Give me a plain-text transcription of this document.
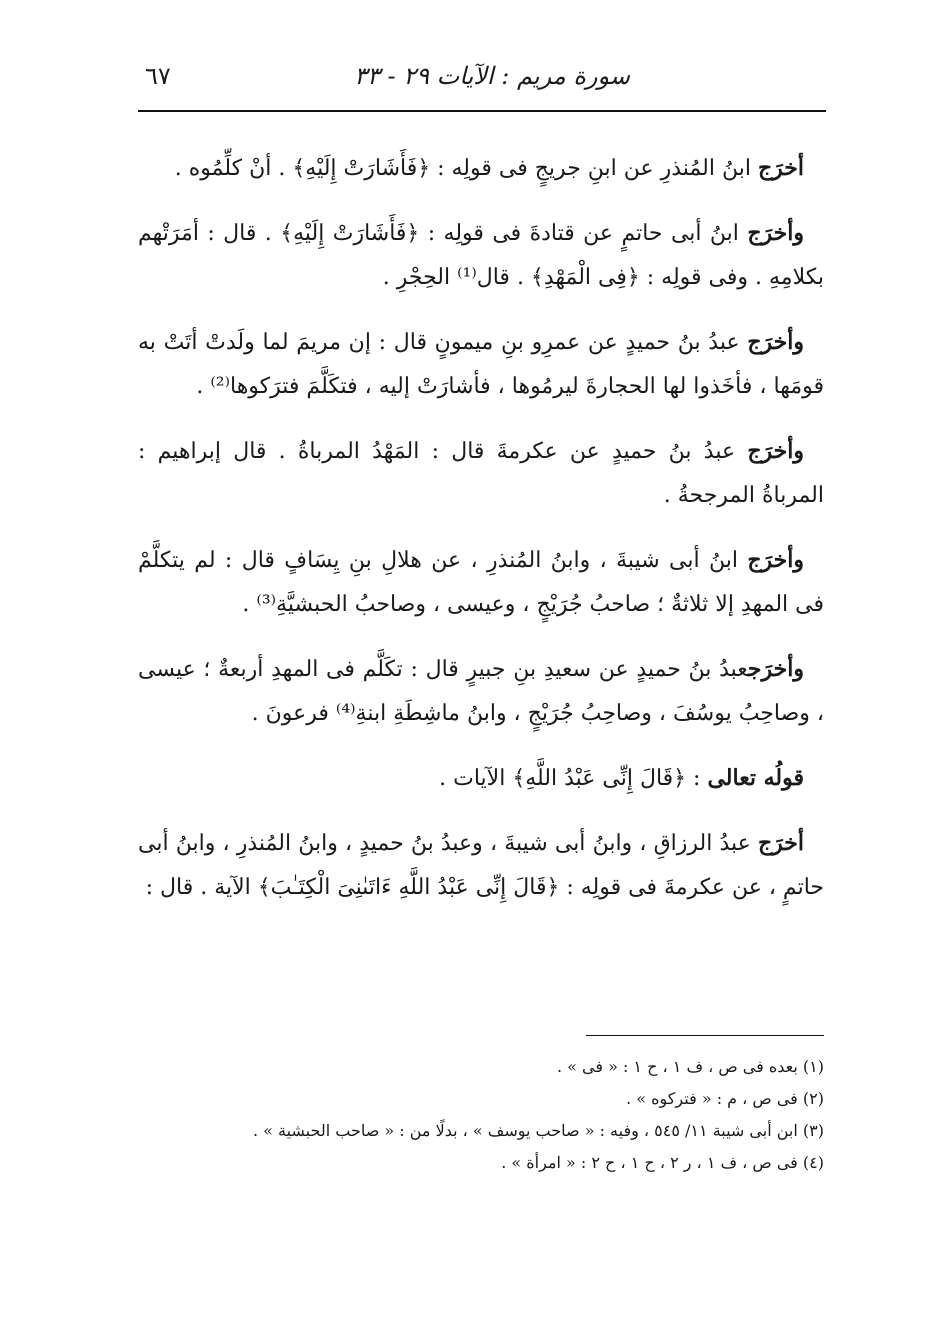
سورة مريم : الآيات ٢٩ - ٣٣
٦٧

أخرَج ابنُ المُنذرِ عن ابنِ جريجٍ فى قولِه : ﴿فَأَشَارَتْ إِلَيْهِ﴾ . أنْ كلِّمُوه .

وأخرَج ابنُ أبى حاتمٍ عن قتادةَ فى قولِه : ﴿فَأَشَارَتْ إِلَيْهِ﴾ . قال : أمَرَتْهم بكلامِهِ . وفى قولِه : ﴿فِى الْمَهْدِ﴾ . قال⁽¹⁾ الحِجْرِ .

وأخرَج عبدُ بنُ حميدٍ عن عمرِو بنِ ميمونٍ قال : إن مريمَ لما ولَدتْ أتَتْ به قومَها ، فأخَذوا لها الحجارةَ ليرمُوها ، فأشارَتْ إليه ، فتكَلَّمَ فترَكوها⁽²⁾ .

وأخرَج عبدُ بنُ حميدٍ عن عكرمةَ قال : المَهْدُ المرباةُ . قال إبراهيم : المرباةُ المرجحةُ .

وأخرَج ابنُ أبى شيبةَ ، وابنُ المُنذرِ ، عن هلالِ بنِ يِسَافٍ قال : لم يتكلَّمْ فى المهدِ إلا ثلاثةٌ ؛ صاحبُ جُرَيْجٍ ، وعيسى ، وصاحبُ الحبشيَّةِ⁽³⁾ .

وأخرَجعبدُ بنُ حميدٍ عن سعيدِ بنِ جبيرٍ قال : تكَلَّم فى المهدِ أربعةٌ ؛ عيسى ، وصاحِبُ يوسُفَ ، وصاحِبُ جُرَيْجٍ ، وابنُ ماشِطَةِ ابنةِ⁽⁴⁾ فرعونَ .

قولُه تعالى : ﴿قَالَ إِنِّى عَبْدُ اللَّهِ﴾ الآيات .

أخرَج عبدُ الرزاقِ ، وابنُ أبى شيبةَ ، وعبدُ بنُ حميدٍ ، وابنُ المُنذرِ ، وابنُ أبى حاتمٍ ، عن عكرمةَ فى قولِه : ﴿قَالَ إِنِّى عَبْدُ اللَّهِ ءَاتَىٰنِىَ الْكِتَـٰبَ﴾ الآية . قال :

(١) بعده فى ص ، ف ١ ، ح ١ : « فى » .
(٢) فى ص ، م : « فتركوه » .
(٣) ابن أبى شيبة ١١/ ٥٤٥ ، وفيه : « صاحب يوسف » ، بدلًا من : « صاحب الحبشية » .
(٤) فى ص ، ف ١ ، ر ٢ ، ح ١ ، ح ٢ : « امرأة » .
